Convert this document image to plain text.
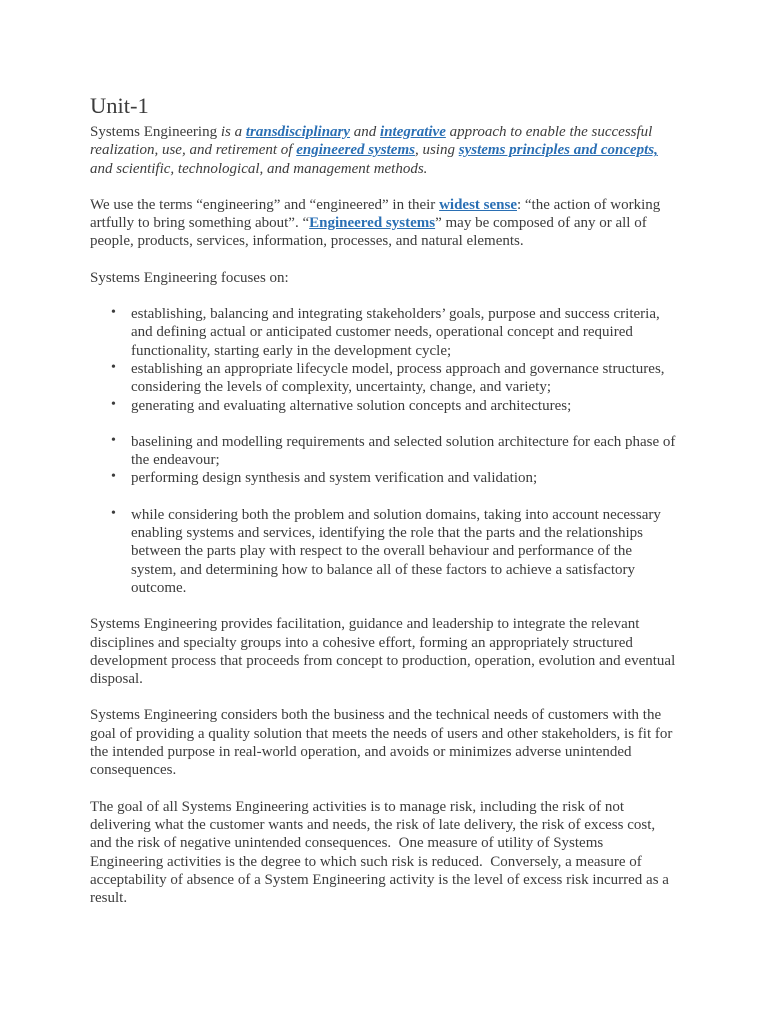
Unit-1

Systems Engineering is a transdisciplinary and integrative approach to enable the successful realization, use, and retirement of engineered systems, using systems principles and concepts, and scientific, technological, and management methods.

We use the terms “engineering” and “engineered” in their widest sense: “the action of working artfully to bring something about”. “Engineered systems” may be composed of any or all of people, products, services, information, processes, and natural elements.

Systems Engineering focuses on:

• establishing, balancing and integrating stakeholders’ goals, purpose and success criteria, and defining actual or anticipated customer needs, operational concept and required functionality, starting early in the development cycle;
• establishing an appropriate lifecycle model, process approach and governance structures, considering the levels of complexity, uncertainty, change, and variety;
• generating and evaluating alternative solution concepts and architectures;
• baselining and modelling requirements and selected solution architecture for each phase of the endeavour;
• performing design synthesis and system verification and validation;
• while considering both the problem and solution domains, taking into account necessary enabling systems and services, identifying the role that the parts and the relationships between the parts play with respect to the overall behaviour and performance of the system, and determining how to balance all of these factors to achieve a satisfactory outcome.

Systems Engineering provides facilitation, guidance and leadership to integrate the relevant disciplines and specialty groups into a cohesive effort, forming an appropriately structured development process that proceeds from concept to production, operation, evolution and eventual disposal.

Systems Engineering considers both the business and the technical needs of customers with the goal of providing a quality solution that meets the needs of users and other stakeholders, is fit for the intended purpose in real-world operation, and avoids or minimizes adverse unintended consequences.

The goal of all Systems Engineering activities is to manage risk, including the risk of not delivering what the customer wants and needs, the risk of late delivery, the risk of excess cost, and the risk of negative unintended consequences.  One measure of utility of Systems Engineering activities is the degree to which such risk is reduced.  Conversely, a measure of acceptability of absence of a System Engineering activity is the level of excess risk incurred as a result.
